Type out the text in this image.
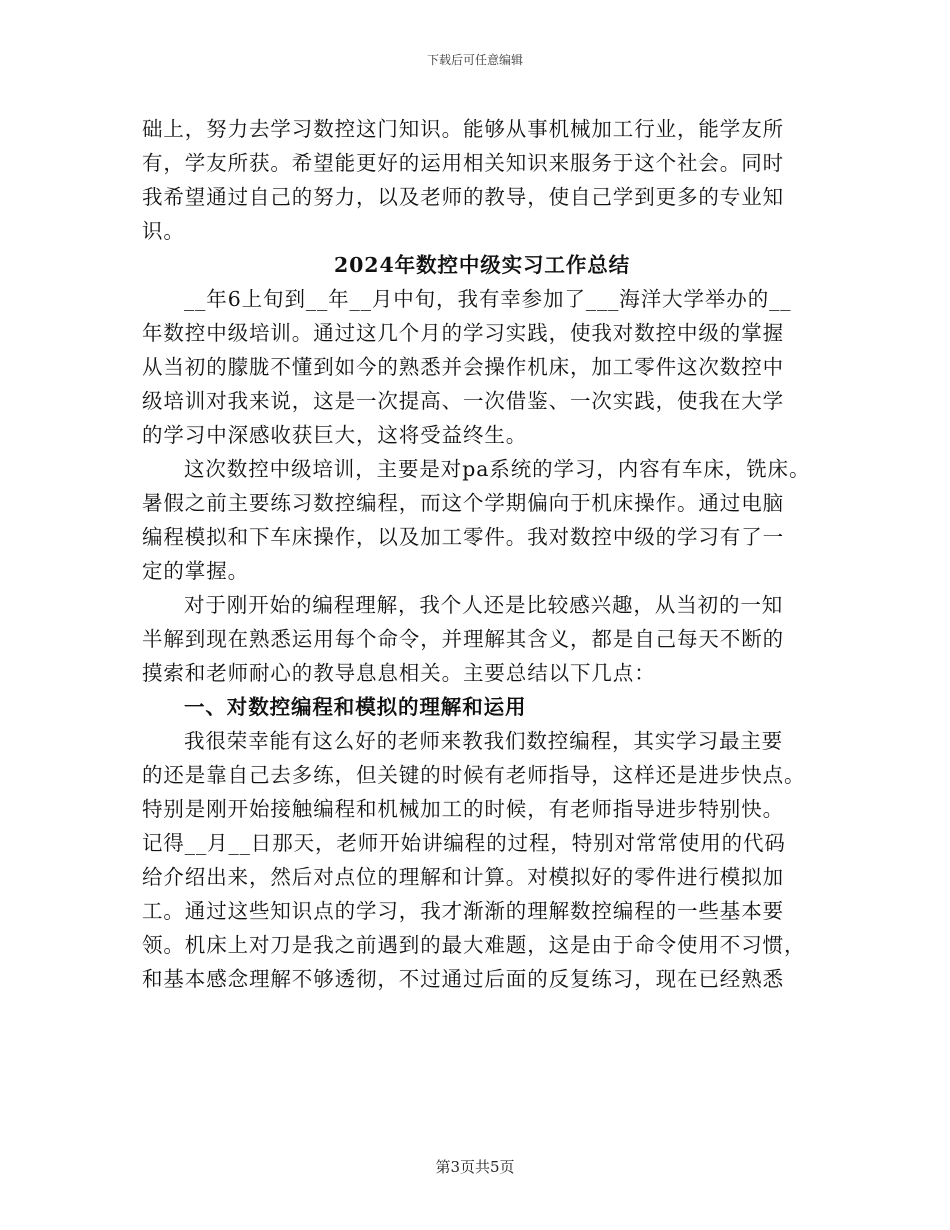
下载后可任意编辑
础上，努力去学习数控这门知识。能够从事机械加工行业，能学友所
有，学友所获。希望能更好的运用相关知识来服务于这个社会。同时
我希望通过自己的努力，以及老师的教导，使自己学到更多的专业知
识。
2024年数控中级实习工作总结
__年6上旬到__年__月中旬，我有幸参加了___海洋大学举办的__
年数控中级培训。通过这几个月的学习实践，使我对数控中级的掌握
从当初的朦胧不懂到如今的熟悉并会操作机床，加工零件这次数控中
级培训对我来说，这是一次提高、一次借鉴、一次实践，使我在大学
的学习中深感收获巨大，这将受益终生。
这次数控中级培训，主要是对pa系统的学习，内容有车床，铣床。
暑假之前主要练习数控编程，而这个学期偏向于机床操作。通过电脑
编程模拟和下车床操作，以及加工零件。我对数控中级的学习有了一
定的掌握。
对于刚开始的编程理解，我个人还是比较感兴趣，从当初的一知
半解到现在熟悉运用每个命令，并理解其含义，都是自己每天不断的
摸索和老师耐心的教导息息相关。主要总结以下几点：
一、对数控编程和模拟的理解和运用
我很荣幸能有这么好的老师来教我们数控编程，其实学习最主要
的还是靠自己去多练，但关键的时候有老师指导，这样还是进步快点。
特别是刚开始接触编程和机械加工的时候，有老师指导进步特别快。
记得__月__日那天，老师开始讲编程的过程，特别对常常使用的代码
给介绍出来，然后对点位的理解和计算。对模拟好的零件进行模拟加
工。通过这些知识点的学习，我才渐渐的理解数控编程的一些基本要
领。机床上对刀是我之前遇到的最大难题，这是由于命令使用不习惯，
和基本感念理解不够透彻，不过通过后面的反复练习，现在已经熟悉
第3页共5页
